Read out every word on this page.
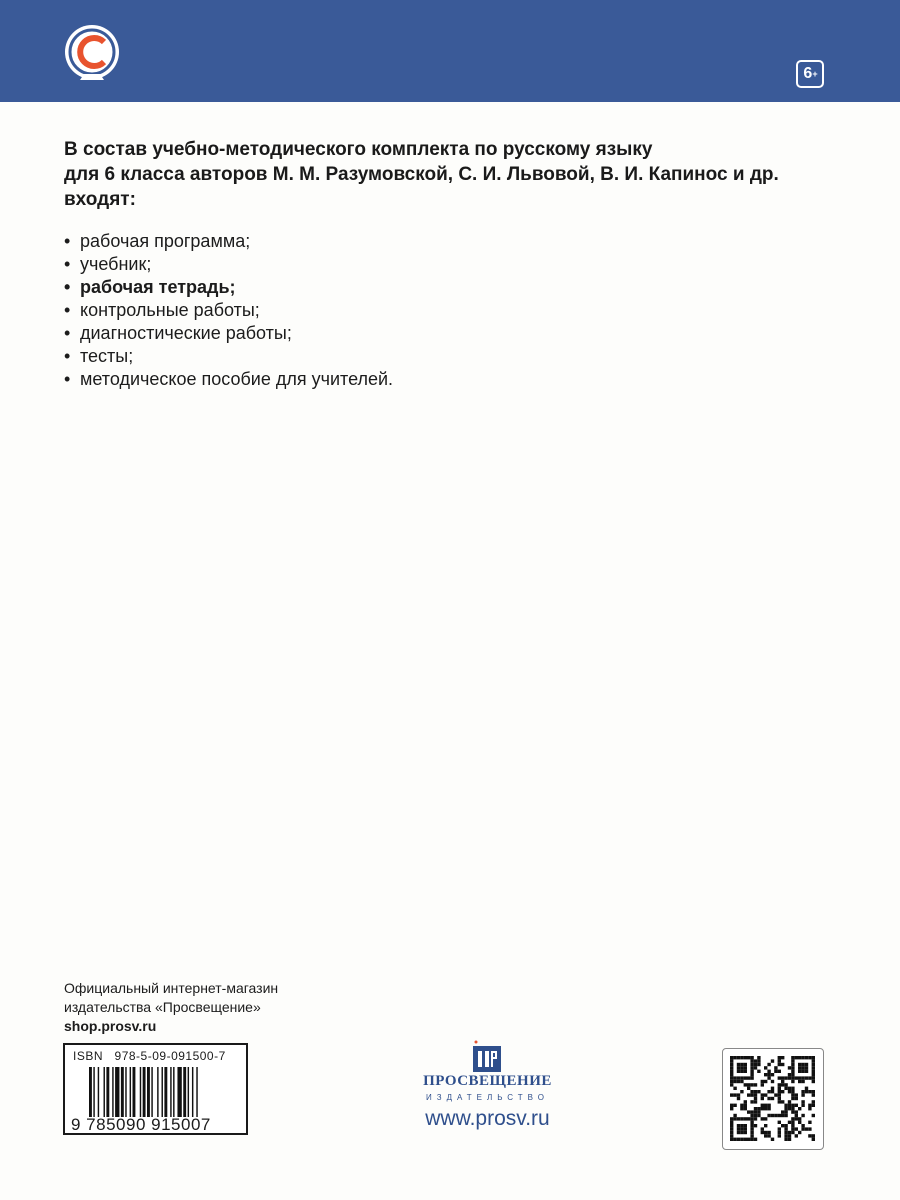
6 +
В состав учебно-методического комплекта по русскому языку
для 6 класса авторов М. М. Разумовской, С. И. Львовой, В. И. Капинос и др.
входят:
• рабочая программа;
• учебник;
• рабочая тетрадь;
• контрольные работы;
• диагностические работы;
• тесты;
• методическое пособие для учителей.
Официальный интернет-магазин
издательства «Просвещение»
shop.prosv.ru
ISBN 978-5-09-091500-7
9 785090 915007
ПРОСВЕЩЕНИЕ
ИЗДАТЕЛЬСТВО
www.prosv.ru
